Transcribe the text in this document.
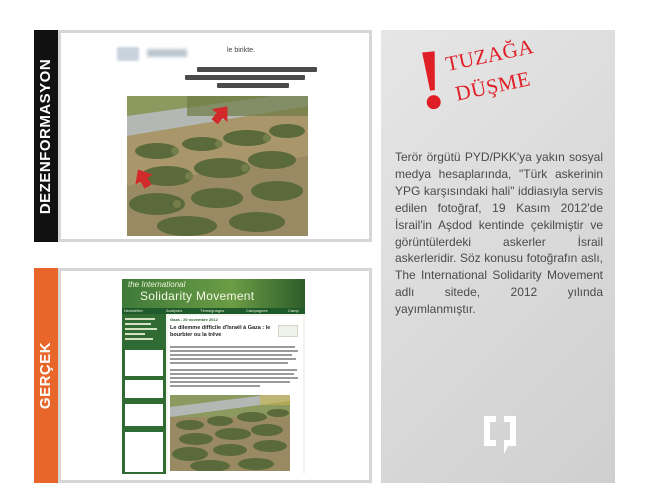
DEZENFORMASYON
GERÇEK
le birikte.
the International
Solidarity Movement
Newsletter	Analyses	Témoignages	Campagnes	Camp
Gaza - 20 novembre 2012
Le dilemme difficile d'Israël à Gaza : le bourbier ou la trêve
!
TUZAĞA
DÜŞME
Terör örgütü PYD/PKK'ya yakın sosyal medya hesaplarında, "Türk askerinin YPG karşısındaki hali" iddiasıyla servis edilen fotoğraf, 19 Kasım 2012'de İsrail'in Aşdod kentinde çekilmiştir ve görüntülerdeki askerler İsrail askerleridir. Söz konusu fotoğrafın aslı, The International Solidarity Movement adlı sitede, 2012 yılında yayımlanmıştır.
